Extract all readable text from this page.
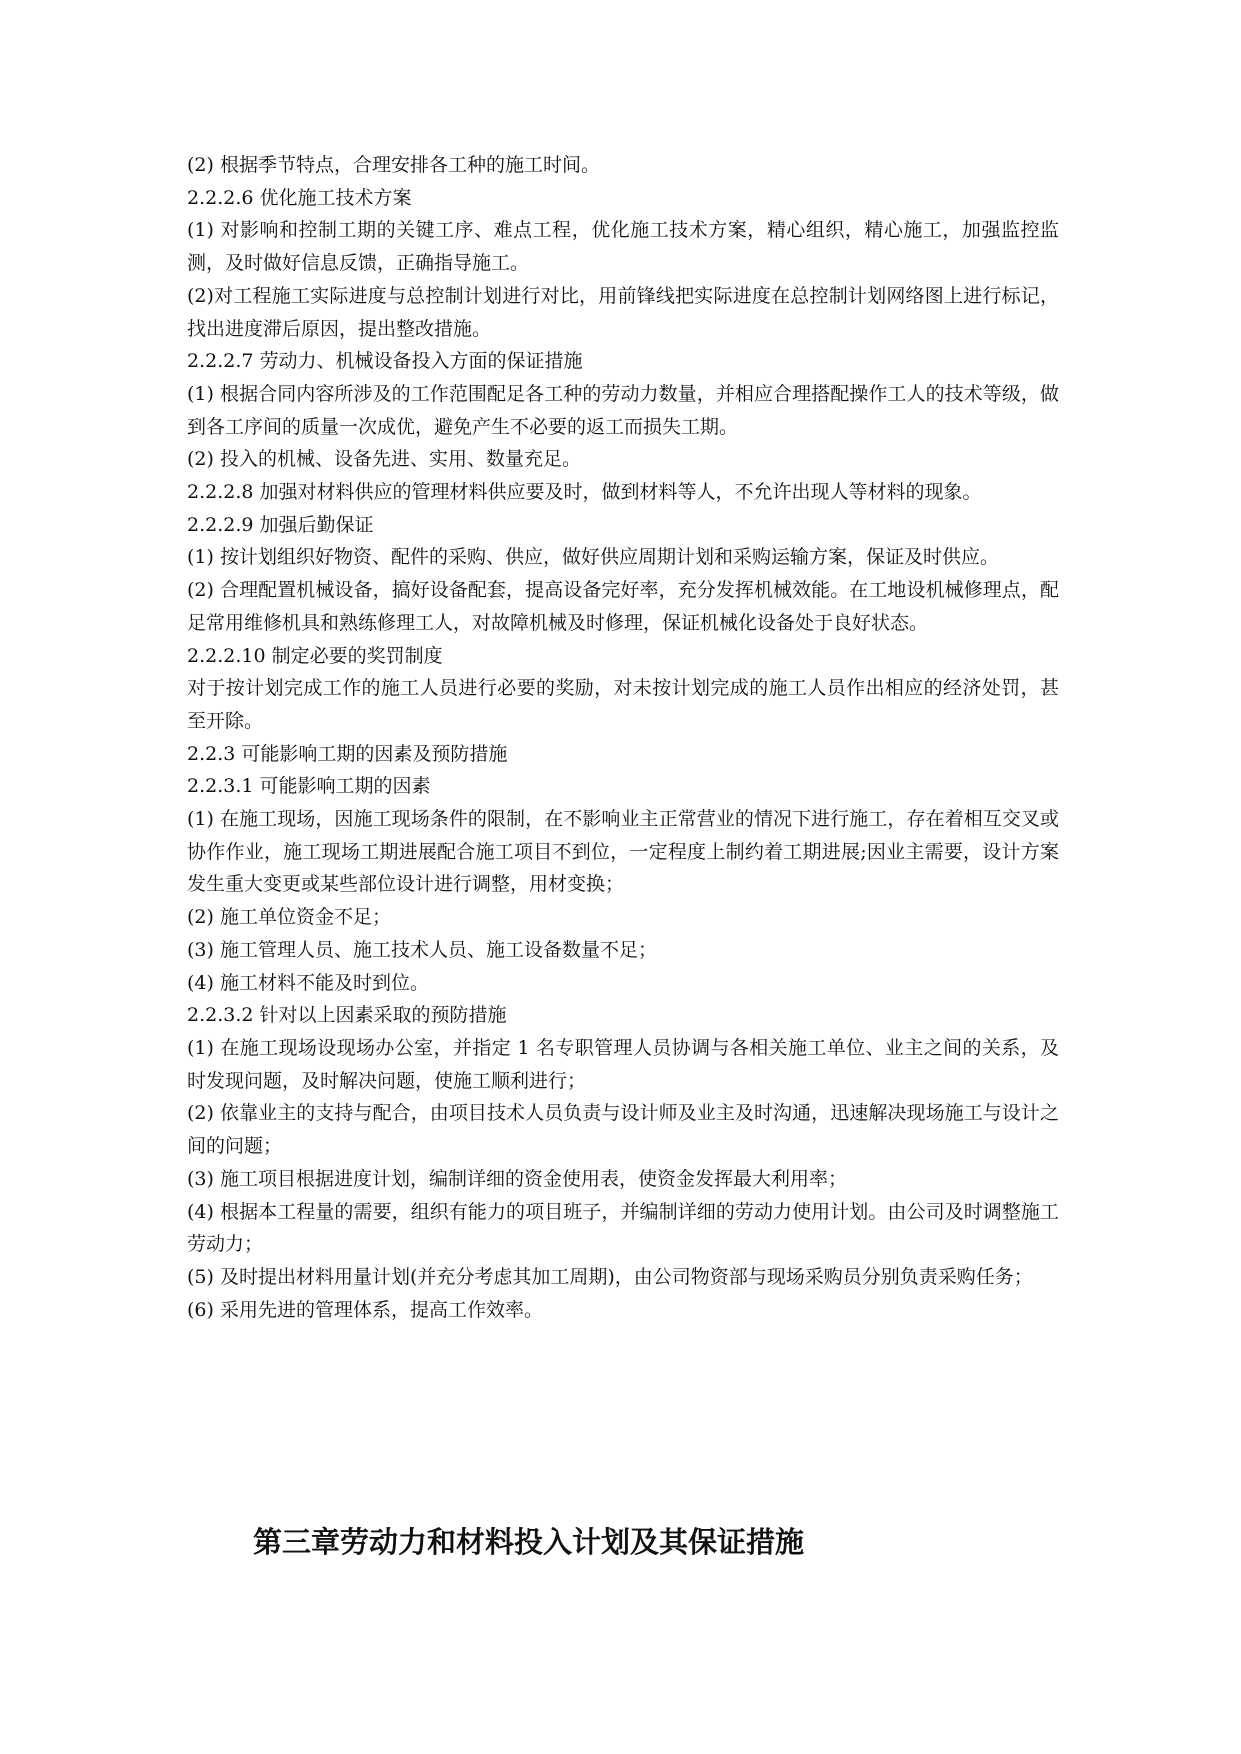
(2) 根据季节特点，合理安排各工种的施工时间。

2.2.2.6 优化施工技术方案

(1) 对影响和控制工期的关键工序、难点工程，优化施工技术方案，精心组织，精心施工，加强监控监测，及时做好信息反馈，正确指导施工。

(2)对工程施工实际进度与总控制计划进行对比，用前锋线把实际进度在总控制计划网络图上进行标记，找出进度滞后原因，提出整改措施。

2.2.2.7 劳动力、机械设备投入方面的保证措施

(1) 根据合同内容所涉及的工作范围配足各工种的劳动力数量，并相应合理搭配操作工人的技术等级，做到各工序间的质量一次成优，避免产生不必要的返工而损失工期。

(2) 投入的机械、设备先进、实用、数量充足。

2.2.2.8 加强对材料供应的管理材料供应要及时，做到材料等人，不允许出现人等材料的现象。

2.2.2.9 加强后勤保证

(1) 按计划组织好物资、配件的采购、供应，做好供应周期计划和采购运输方案，保证及时供应。

(2) 合理配置机械设备，搞好设备配套，提高设备完好率，充分发挥机械效能。在工地设机械修理点，配足常用维修机具和熟练修理工人，对故障机械及时修理，保证机械化设备处于良好状态。

2.2.2.10 制定必要的奖罚制度

对于按计划完成工作的施工人员进行必要的奖励，对未按计划完成的施工人员作出相应的经济处罚，甚至开除。

2.2.3 可能影响工期的因素及预防措施

2.2.3.1 可能影响工期的因素

(1) 在施工现场，因施工现场条件的限制，在不影响业主正常营业的情况下进行施工，存在着相互交叉或协作作业，施工现场工期进展配合施工项目不到位，一定程度上制约着工期进展;因业主需要，设计方案发生重大变更或某些部位设计进行调整，用材变换；

(2) 施工单位资金不足；

(3) 施工管理人员、施工技术人员、施工设备数量不足；

(4) 施工材料不能及时到位。

2.2.3.2 针对以上因素采取的预防措施

(1) 在施工现场设现场办公室，并指定 1 名专职管理人员协调与各相关施工单位、业主之间的关系，及时发现问题，及时解决问题，使施工顺利进行；

(2) 依靠业主的支持与配合，由项目技术人员负责与设计师及业主及时沟通，迅速解决现场施工与设计之间的问题；

(3) 施工项目根据进度计划，编制详细的资金使用表，使资金发挥最大利用率；

(4) 根据本工程量的需要，组织有能力的项目班子，并编制详细的劳动力使用计划。由公司及时调整施工劳动力；

(5) 及时提出材料用量计划(并充分考虑其加工周期)，由公司物资部与现场采购员分别负责采购任务；

(6) 采用先进的管理体系，提高工作效率。

第三章劳动力和材料投入计划及其保证措施
